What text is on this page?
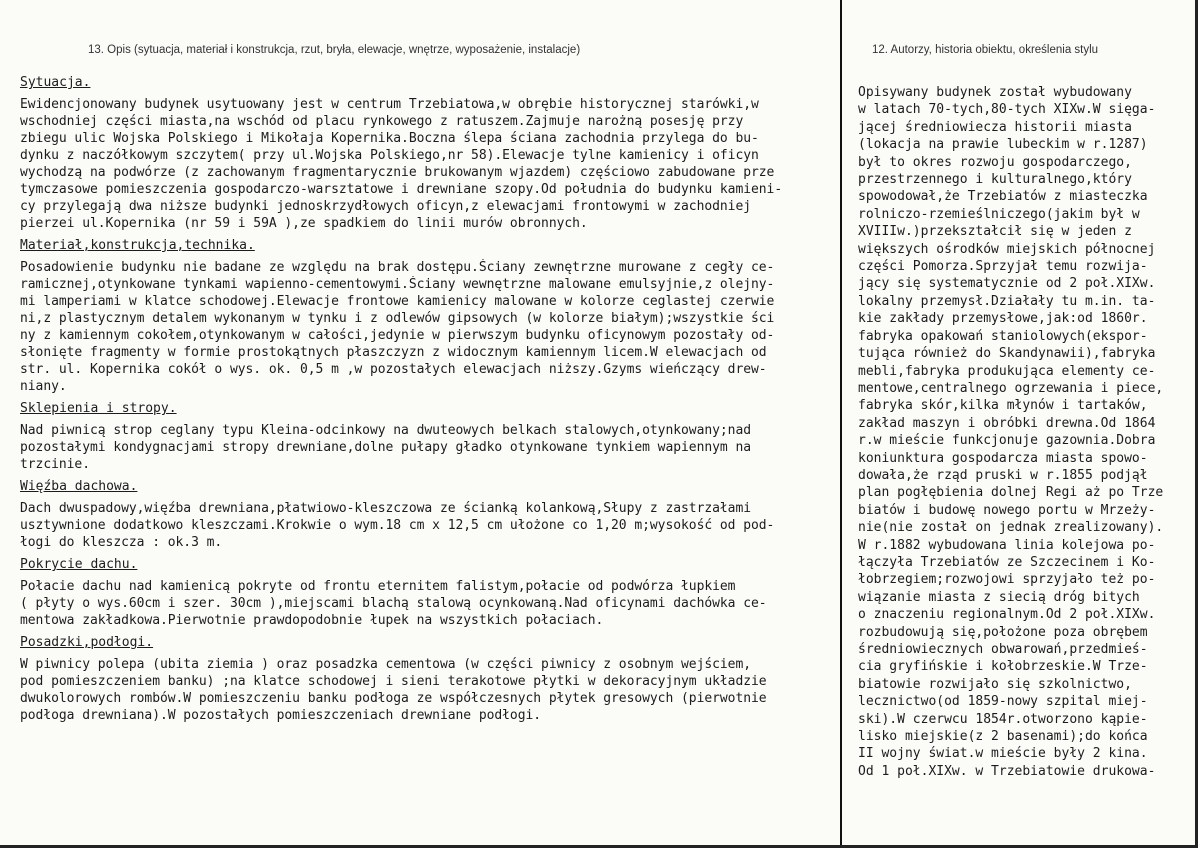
13. Opis (sytuacja, materiał i konstrukcja, rzut, bryła, elewacje, wnętrze, wyposażenie, instalacje)	12. Autorzy, historia obiektu, określenia stylu
Sytuacja.
Ewidencjonowany budynek usytuowany jest w centrum Trzebiatowa,w obrębie historycznej starówki,w
wschodniej części miasta,na wschód od placu rynkowego z ratuszem.Zajmuje narożną posesję przy
zbiegu ulic Wojska Polskiego i Mikołaja Kopernika.Boczna ślepa ściana zachodnia przylega do bu-
dynku z naczółkowym szczytem( przy ul.Wojska Polskiego,nr 58).Elewacje tylne kamienicy i oficyn
wychodzą na podwórze (z zachowanym fragmentarycznie brukowanym wjazdem) częściowo zabudowane prze
tymczasowe pomieszczenia gospodarczo-warsztatowe i drewniane szopy.Od południa do budynku kamieni-
cy przylegają dwa niższe budynki jednoskrzydłowych oficyn,z elewacjami frontowymi w zachodniej
pierzei ul.Kopernika (nr 59 i 59A ),ze spadkiem do linii murów obronnych.
Materiał,konstrukcja,technika.
Posadowienie budynku nie badane ze względu na brak dostępu.Ściany zewnętrzne murowane z cegły ce-
ramicznej,otynkowane tynkami wapienno-cementowymi.Ściany wewnętrzne malowane emulsyjnie,z olejny-
mi lamperiami w klatce schodowej.Elewacje frontowe kamienicy malowane w kolorze ceglastej czerwie
ni,z plastycznym detalem wykonanym w tynku i z odlewów gipsowych (w kolorze białym);wszystkie ści
ny z kamiennym cokołem,otynkowanym w całości,jedynie w pierwszym budynku oficynowym pozostały od-
słonięte fragmenty w formie prostokątnych płaszczyzn z widocznym kamiennym licem.W elewacjach od
str. ul. Kopernika cokół o wys. ok. 0,5 m ,w pozostałych elewacjach niższy.Gzyms wieńczący drew-
niany.
Sklepienia i stropy.
Nad piwnicą strop ceglany typu Kleina-odcinkowy na dwuteowych belkach stalowych,otynkowany;nad
pozostałymi kondygnacjami stropy drewniane,dolne pułapy gładko otynkowane tynkiem wapiennym na
trzcinie.
Więźba dachowa.
Dach dwuspadowy,więźba drewniana,płatwiowo-kleszczowa ze ścianką kolankową,Słupy z zastrzałami
usztywnione dodatkowo kleszczami.Krokwie o wym.18 cm x 12,5 cm ułożone co 1,20 m;wysokość od pod-
łogi do kleszcza : ok.3 m.
Pokrycie dachu.
Połacie dachu nad kamienicą pokryte od frontu eternitem falistym,połacie od podwórza łupkiem
( płyty o wys.60cm i szer. 30cm ),miejscami blachą stalową ocynkowaną.Nad oficynami dachówka ce-
mentowa zakładkowa.Pierwotnie prawdopodobnie łupek na wszystkich połaciach.
Posadzki,podłogi.
W piwnicy polepa (ubita ziemia ) oraz posadzka cementowa (w części piwnicy z osobnym wejściem,
pod pomieszczeniem banku) ;na klatce schodowej i sieni terakotowe płytki w dekoracyjnym układzie
dwukolorowych rombów.W pomieszczeniu banku podłoga ze współczesnych płytek gresowych (pierwotnie
podłoga drewniana).W pozostałych pomieszczeniach drewniane podłogi.
Opisywany budynek został wybudowany
w latach 70-tych,80-tych XIXw.W sięga-
jącej średniowiecza historii miasta
(lokacja na prawie lubeckim w r.1287)
był to okres rozwoju gospodarczego,
przestrzennego i kulturalnego,który
spowodował,że Trzebiatów z miasteczka
rolniczo-rzemieślniczego(jakim był w
XVIIIw.)przekształcił się w jeden z
większych ośrodków miejskich północnej
części Pomorza.Sprzyjał temu rozwija-
jący się systematycznie od 2 poł.XIXw.
lokalny przemysł.Działały tu m.in. ta-
kie zakłady przemysłowe,jak:od 1860r.
fabryka opakowań staniolowych(ekspor-
tująca również do Skandynawii),fabryka
mebli,fabryka produkująca elementy ce-
mentowe,centralnego ogrzewania i piece,
fabryka skór,kilka młynów i tartaków,
zakład maszyn i obróbki drewna.Od 1864
r.w mieście funkcjonuje gazownia.Dobra
koniunktura gospodarcza miasta spowo-
dowała,że rząd pruski w r.1855 podjął
plan pogłębienia dolnej Regi aż po Trze
biatów i budowę nowego portu w Mrzeży-
nie(nie został on jednak zrealizowany).
W r.1882 wybudowana linia kolejowa po-
łączyła Trzebiatów ze Szczecinem i Ko-
łobrzegiem;rozwojowi sprzyjało też po-
wiązanie miasta z siecią dróg bitych
o znaczeniu regionalnym.Od 2 poł.XIXw.
rozbudowują się,położone poza obrębem
średniowiecznych obwarowań,przedmieś-
cia gryfińskie i kołobrzeskie.W Trze-
biatowie rozwijało się szkolnictwo,
lecznictwo(od 1859-nowy szpital miej-
ski).W czerwcu 1854r.otworzono kąpie-
lisko miejskie(z 2 basenami);do końca
II wojny świat.w mieście były 2 kina.
Od 1 poł.XIXw. w Trzebiatowie drukowa-
